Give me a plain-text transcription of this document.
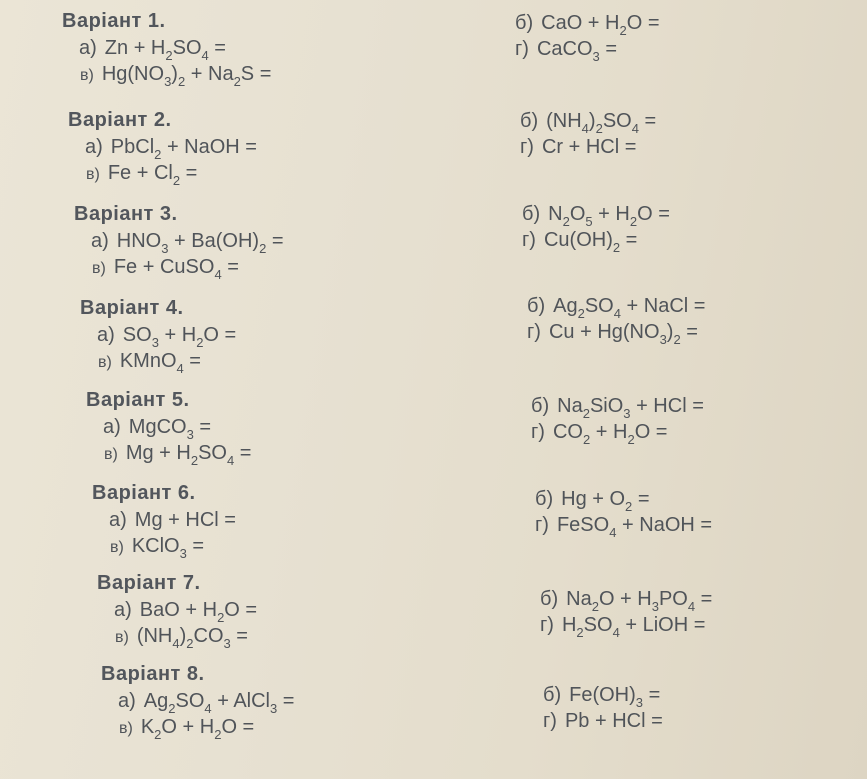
Варіант 1.
а) $Zn + H_2SO_4$ =
в) $Hg(NO_3)_2 + Na_2S$ =
б) CaO + $H_2O$ =
г) CaCO$_3$ =
Варіант 2.
а) PbCl$_2$ + NaOH =
в) $Fe + Cl_2$ =
б) $(NH_4)_2SO_4$ =
г) Cr + HCl =
Варіант 3.
а) $HNO_3 + Ba(OH)_2$ =
в) Fe + CuSO$_4$ =
б) $N_2O_5 + H_2O$ =
г) $Cu(OH)_2$ =
Варіант 4.
а) $SO_3 + H_2O$ =
в) KMnO$_4$ =
б) $Ag_2SO_4$ + NaCl =
г) $Cu + Hg(NO_3)_2$ =
Варіант 5.
а) MgCO$_3$ =
в) $Mg + H_2SO_4$ =
б) $Na_2SiO_3$ + HCl =
г) $CO_2 + H_2O$ =
Варіант 6.
а) Mg + HCl =
в) KClO$_3$ =
б) $Hg + O_2$ =
г) FeSO$_4$ + NaOH =
Варіант 7.
а) BaO + $H_2O$ =
в) $(NH_4)_2CO_3$ =
б) $Na_2O + H_3PO_4$ =
г) $H_2SO_4$ + LiOH =
Варіант 8.
а) $Ag_2SO_4$ + AlCl$_3$ =
в) $K_2O + H_2O$ =
б) $Fe(OH)_3$ =
г) Pb + HCl =
